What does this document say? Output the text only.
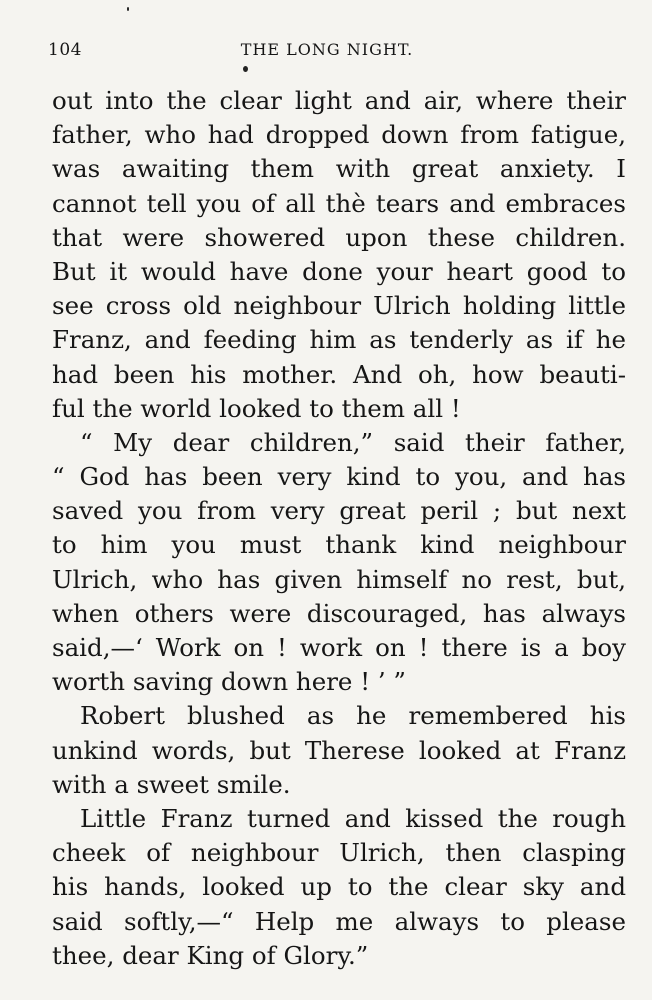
104	THE LONG NIGHT.
out into the clear light and air, where their
father, who had dropped down from fatigue,
was awaiting them with great anxiety. I
cannot tell you of all thè tears and embraces
that were showered upon these children.
But it would have done your heart good to
see cross old neighbour Ulrich holding little
Franz, and feeding him as tenderly as if he
had been his mother. And oh, how beauti-
ful the world looked to them all !
“ My dear children,” said their father,
“ God has been very kind to you, and has
saved you from very great peril ; but next
to him you must thank kind neighbour
Ulrich, who has given himself no rest, but,
when others were discouraged, has always
said,—‘ Work on ! work on ! there is a boy
worth saving down here ! ’ ”
Robert blushed as he remembered his
unkind words, but Therese looked at Franz
with a sweet smile.
Little Franz turned and kissed the rough
cheek of neighbour Ulrich, then clasping
his hands, looked up to the clear sky and
said softly,—“ Help me always to please
thee, dear King of Glory.”
